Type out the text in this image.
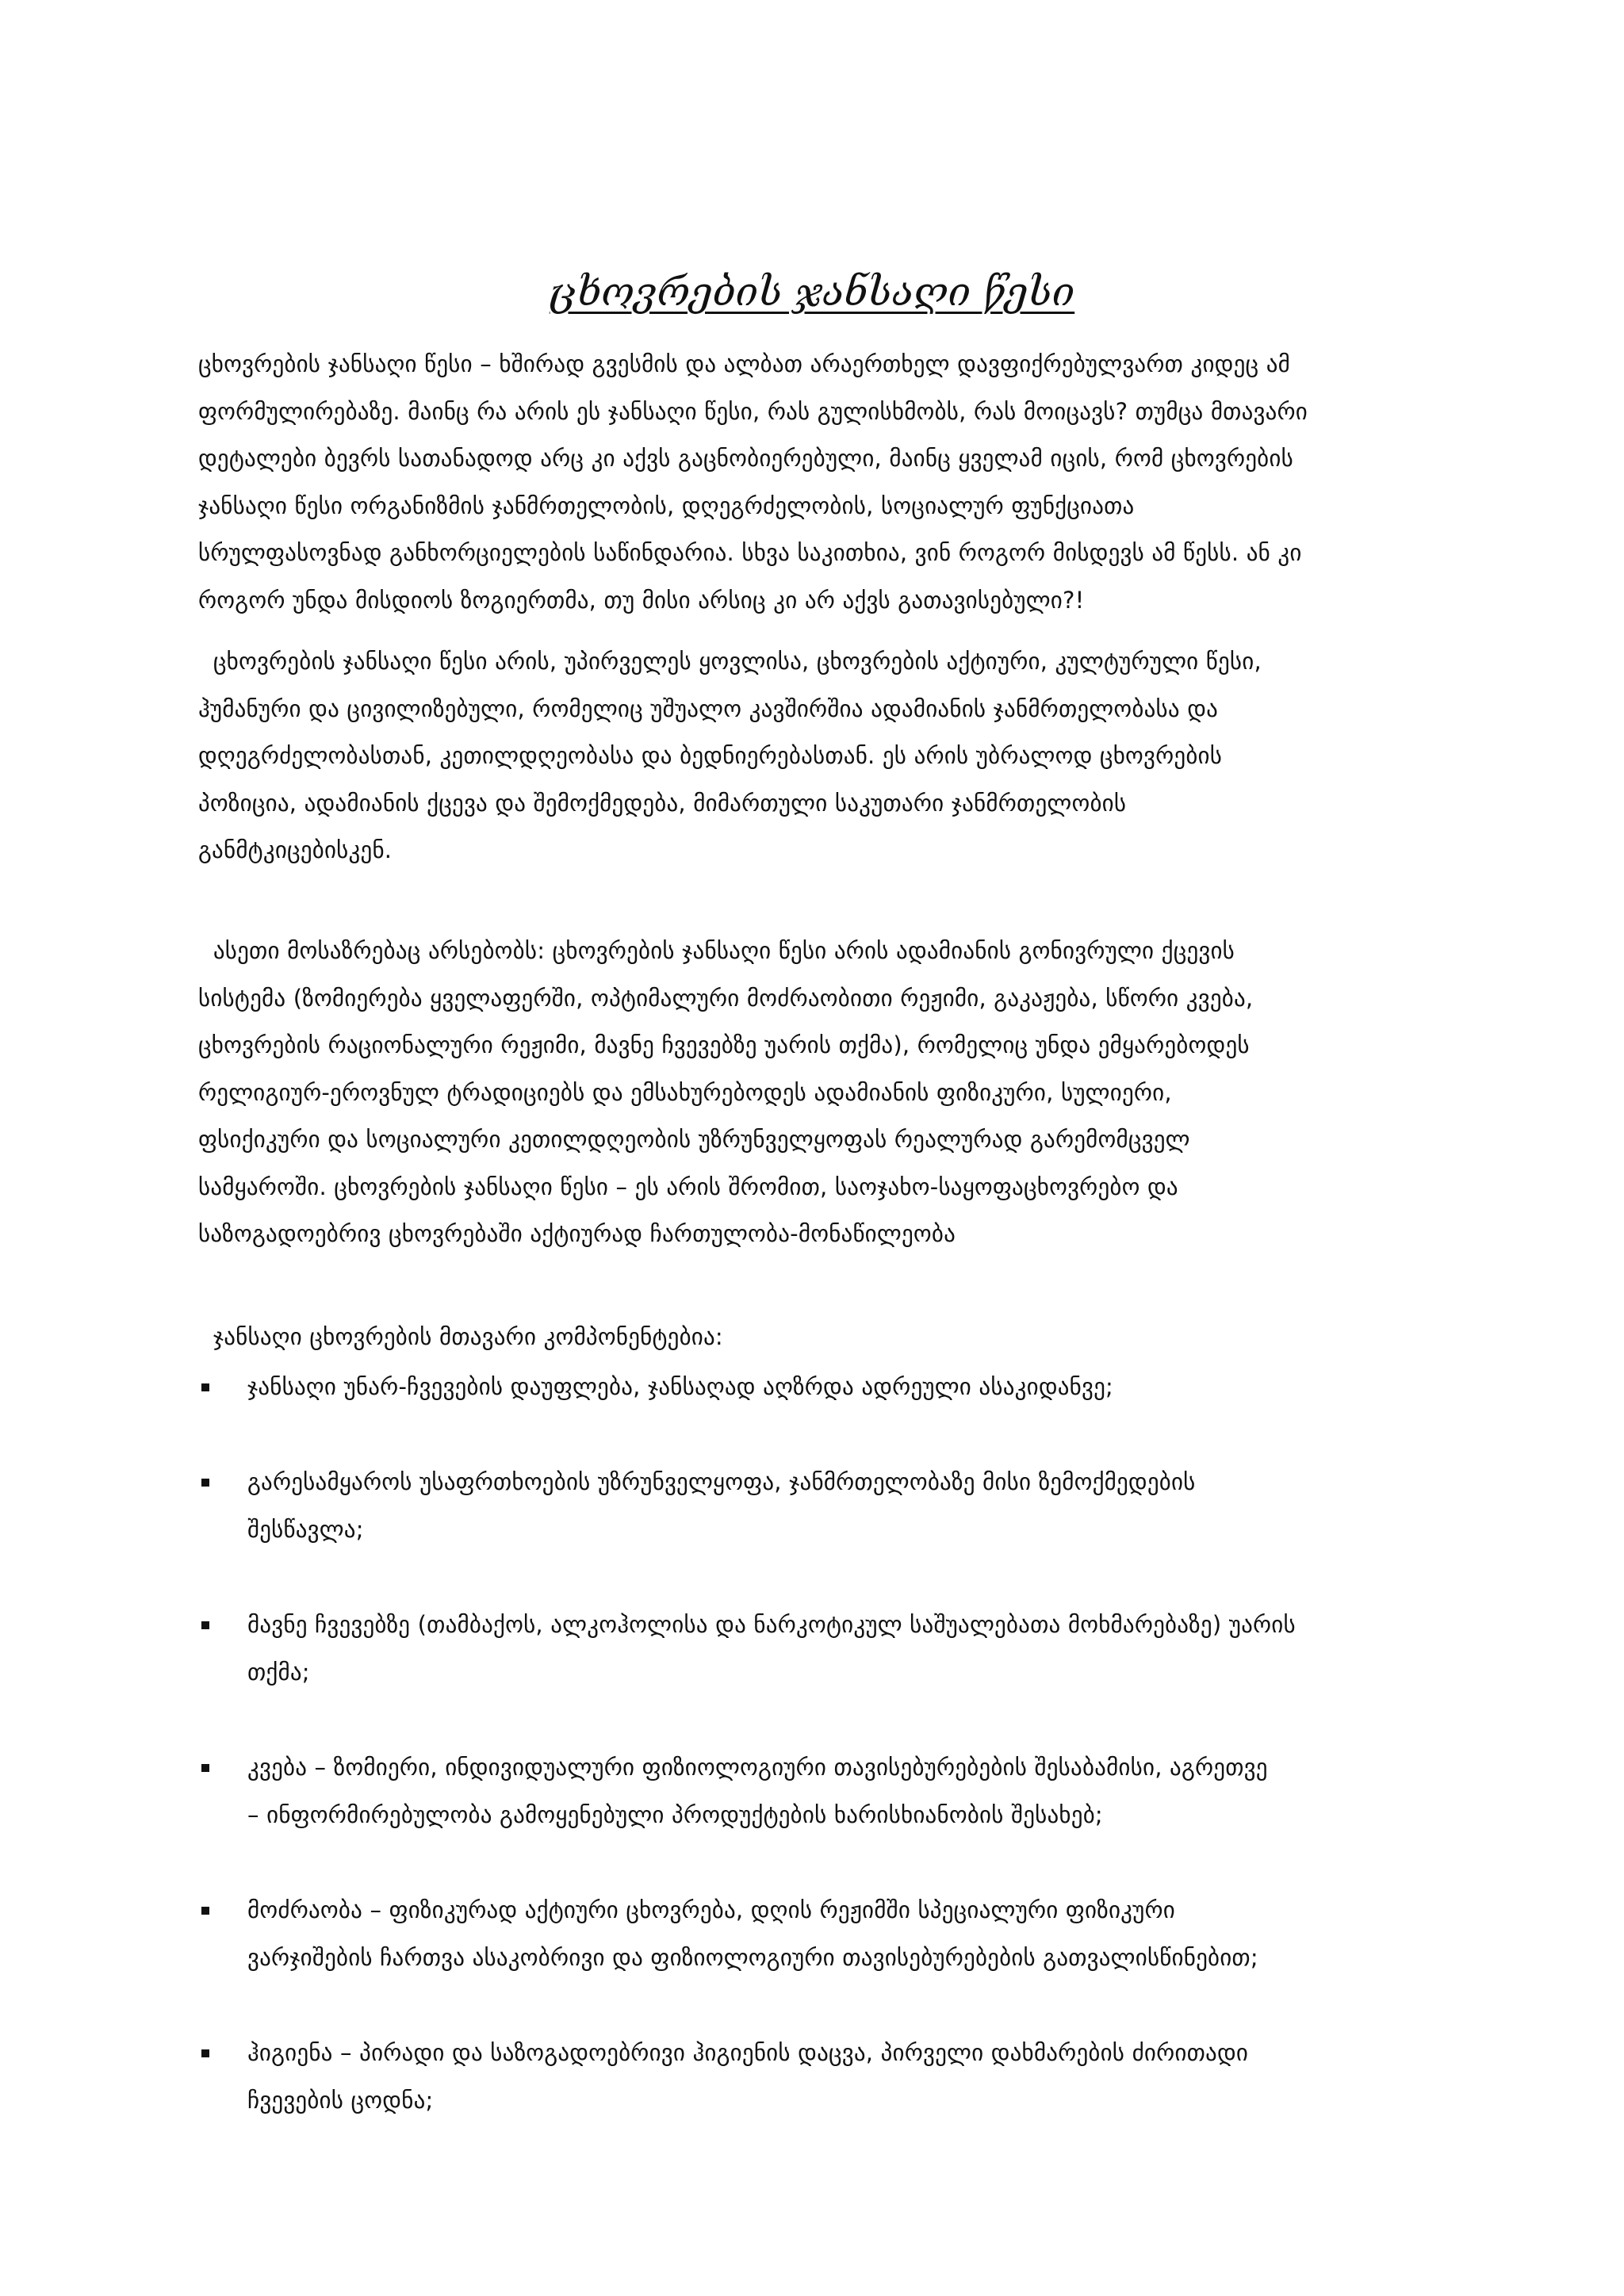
ცხოვრების ჯანსაღი წესი

ცხოვრების ჯანსაღი წესი – ხშირად გვესმის და ალბათ არაერთხელ დავფიქრებულვართ კიდეც ამ
ფორმულირებაზე. მაინც რა არის ეს ჯანსაღი წესი, რას გულისხმობს, რას მოიცავს? თუმცა მთავარი
დეტალები ბევრს სათანადოდ არც კი აქვს გაცნობიერებული, მაინც ყველამ იცის, რომ ცხოვრების
ჯანსაღი წესი ორგანიზმის ჯანმრთელობის, დღეგრძელობის, სოციალურ ფუნქციათა
სრულფასოვნად განხორციელების საწინდარია. სხვა საკითხია, ვინ როგორ მისდევს ამ წესს. ან კი
როგორ უნდა მისდიოს ზოგიერთმა, თუ მისი არსიც კი არ აქვს გათავისებული?!

ცხოვრების ჯანსაღი წესი არის, უპირველეს ყოვლისა, ცხოვრების აქტიური, კულტურული წესი,
ჰუმანური და ცივილიზებული, რომელიც უშუალო კავშირშია ადამიანის ჯანმრთელობასა და
დღეგრძელობასთან, კეთილდღეობასა და ბედნიერებასთან. ეს არის უბრალოდ ცხოვრების
პოზიცია, ადამიანის ქცევა და შემოქმედება, მიმართული საკუთარი ჯანმრთელობის
განმტკიცებისკენ.

ასეთი მოსაზრებაც არსებობს: ცხოვრების ჯანსაღი წესი არის ადამიანის გონივრული ქცევის
სისტემა (ზომიერება ყველაფერში, ოპტიმალური მოძრაობითი რეჟიმი, გაკაჟება, სწორი კვება,
ცხოვრების რაციონალური რეჟიმი, მავნე ჩვევებზე უარის თქმა), რომელიც უნდა ემყარებოდეს
რელიგიურ-ეროვნულ ტრადიციებს და ემსახურებოდეს ადამიანის ფიზიკური, სულიერი,
ფსიქიკური და სოციალური კეთილდღეობის უზრუნველყოფას რეალურად გარემომცველ
სამყაროში. ცხოვრების ჯანსაღი წესი – ეს არის შრომით, საოჯახო-საყოფაცხოვრებო და
საზოგადოებრივ ცხოვრებაში აქტიურად ჩართულობა-მონაწილეობა

ჯანსაღი ცხოვრების მთავარი კომპონენტებია:

ჯანსაღი უნარ-ჩვევების დაუფლება, ჯანსაღად აღზრდა ადრეული ასაკიდანვე;
გარესამყაროს უსაფრთხოების უზრუნველყოფა, ჯანმრთელობაზე მისი ზემოქმედების
შესწავლა;
მავნე ჩვევებზე (თამბაქოს, ალკოჰოლისა და ნარკოტიკულ საშუალებათა მოხმარებაზე) უარის
თქმა;
კვება – ზომიერი, ინდივიდუალური ფიზიოლოგიური თავისებურებების შესაბამისი, აგრეთვე
– ინფორმირებულობა გამოყენებული პროდუქტების ხარისხიანობის შესახებ;
მოძრაობა – ფიზიკურად აქტიური ცხოვრება, დღის რეჟიმში სპეციალური ფიზიკური
ვარჯიშების ჩართვა ასაკობრივი და ფიზიოლოგიური თავისებურებების გათვალისწინებით;
ჰიგიენა – პირადი და საზოგადოებრივი ჰიგიენის დაცვა, პირველი დახმარების ძირითადი
ჩვევების ცოდნა;
